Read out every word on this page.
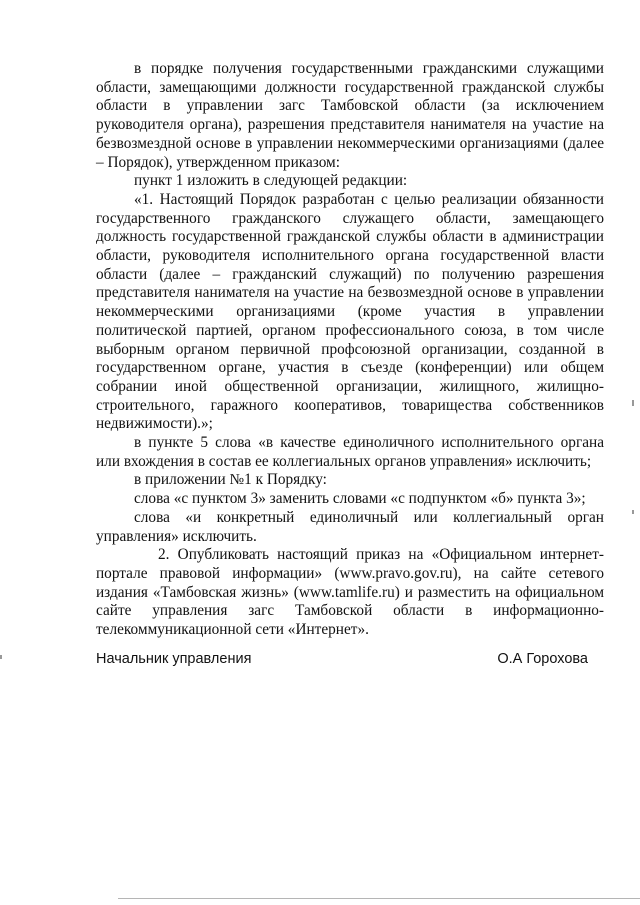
в порядке получения государственными гражданскими служащими области, замещающими должности государственной гражданской службы области в управлении загс Тамбовской области (за исключением руководителя органа), разрешения представителя нанимателя на участие на безвозмездной основе в управлении некоммерческими организациями (далее – Порядок), утвержденном приказом:

пункт 1 изложить в следующей редакции:

«1. Настоящий Порядок разработан с целью реализации обязанности государственного гражданского служащего области, замещающего должность государственной гражданской службы области в администрации области, руководителя исполнительного органа государственной власти области (далее – гражданский служащий) по получению разрешения представителя нанимателя на участие на безвозмездной основе в управлении некоммерческими организациями (кроме участия в управлении политической партией, органом профессионального союза, в том числе выборным органом первичной профсоюзной организации, созданной в государственном органе, участия в съезде (конференции) или общем собрании иной общественной организации, жилищного, жилищно-строительного, гаражного кооперативов, товарищества собственников недвижимости).»;

в пункте 5 слова «в качестве единоличного исполнительного органа или вхождения в состав ее коллегиальных органов управления» исключить;

в приложении №1 к Порядку:

слова «с пунктом 3» заменить словами «с подпунктом «б» пункта 3»;

слова «и конкретный единоличный или коллегиальный орган управления» исключить.

2. Опубликовать настоящий приказ на «Официальном интернет-портале правовой информации» (www.pravo.gov.ru), на сайте сетевого издания «Тамбовская жизнь» (www.tamlife.ru) и разместить на официальном сайте управления загс Тамбовской области в информационно-телекоммуникационной сети «Интернет».

Начальник управления	О.А Горохова
